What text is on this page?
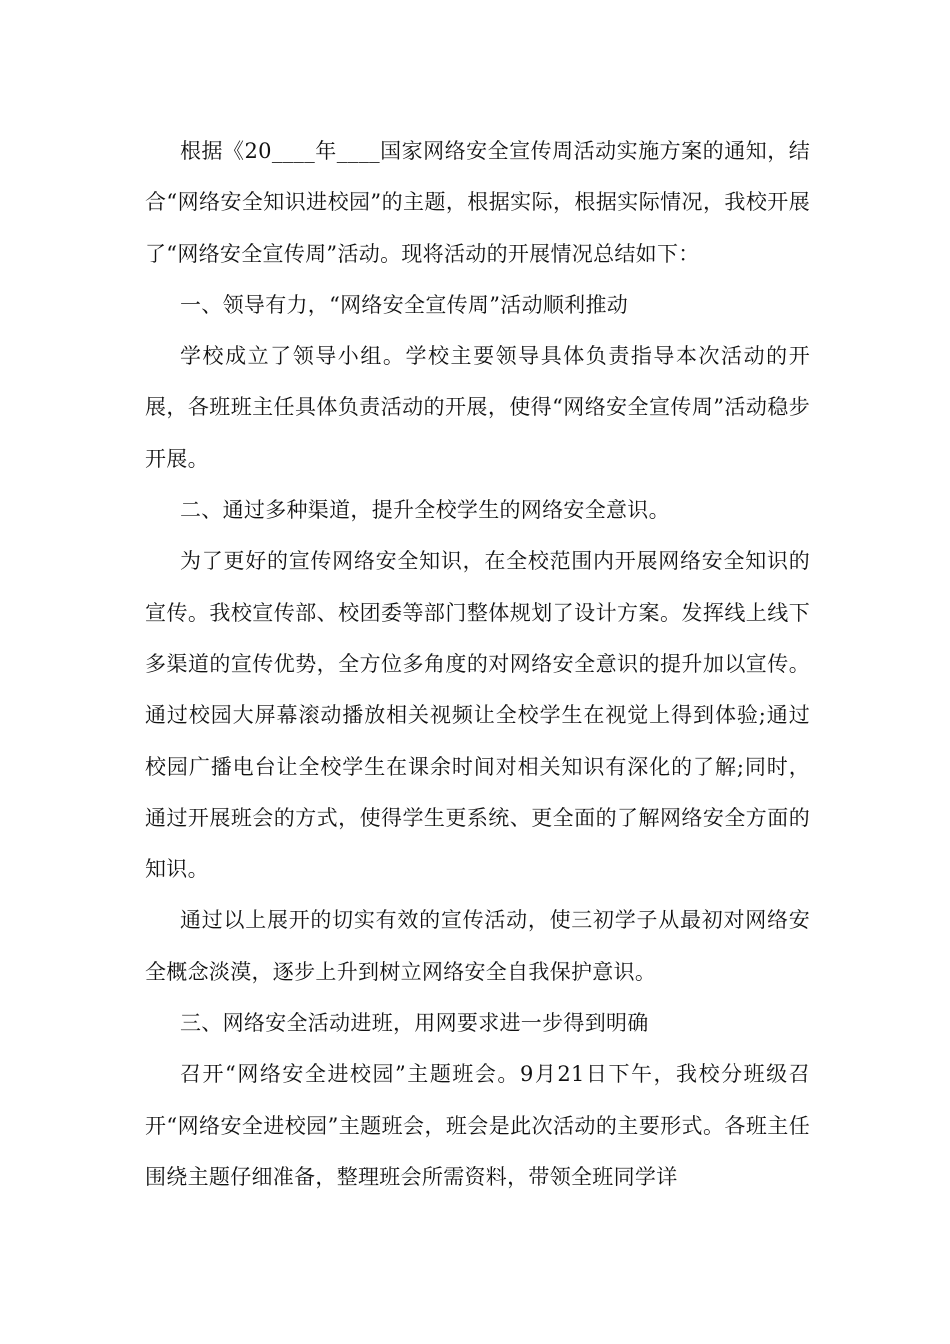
根据《20____年____国家网络安全宣传周活动实施方案的通知，结合“网络安全知识进校园”的主题，根据实际，根据实际情况，我校开展了“网络安全宣传周”活动。现将活动的开展情况总结如下：

一、领导有力，“网络安全宣传周”活动顺利推动

学校成立了领导小组。学校主要领导具体负责指导本次活动的开展，各班班主任具体负责活动的开展，使得“网络安全宣传周”活动稳步开展。

二、通过多种渠道，提升全校学生的网络安全意识。

为了更好的宣传网络安全知识，在全校范围内开展网络安全知识的宣传。我校宣传部、校团委等部门整体规划了设计方案。发挥线上线下多渠道的宣传优势，全方位多角度的对网络安全意识的提升加以宣传。通过校园大屏幕滚动播放相关视频让全校学生在视觉上得到体验;通过校园广播电台让全校学生在课余时间对相关知识有深化的了解;同时，通过开展班会的方式，使得学生更系统、更全面的了解网络安全方面的知识。

通过以上展开的切实有效的宣传活动，使三初学子从最初对网络安全概念淡漠，逐步上升到树立网络安全自我保护意识。

三、网络安全活动进班，用网要求进一步得到明确

召开“网络安全进校园”主题班会。9月21日下午，我校分班级召开“网络安全进校园”主题班会，班会是此次活动的主要形式。各班主任围绕主题仔细准备，整理班会所需资料，带领全班同学详
